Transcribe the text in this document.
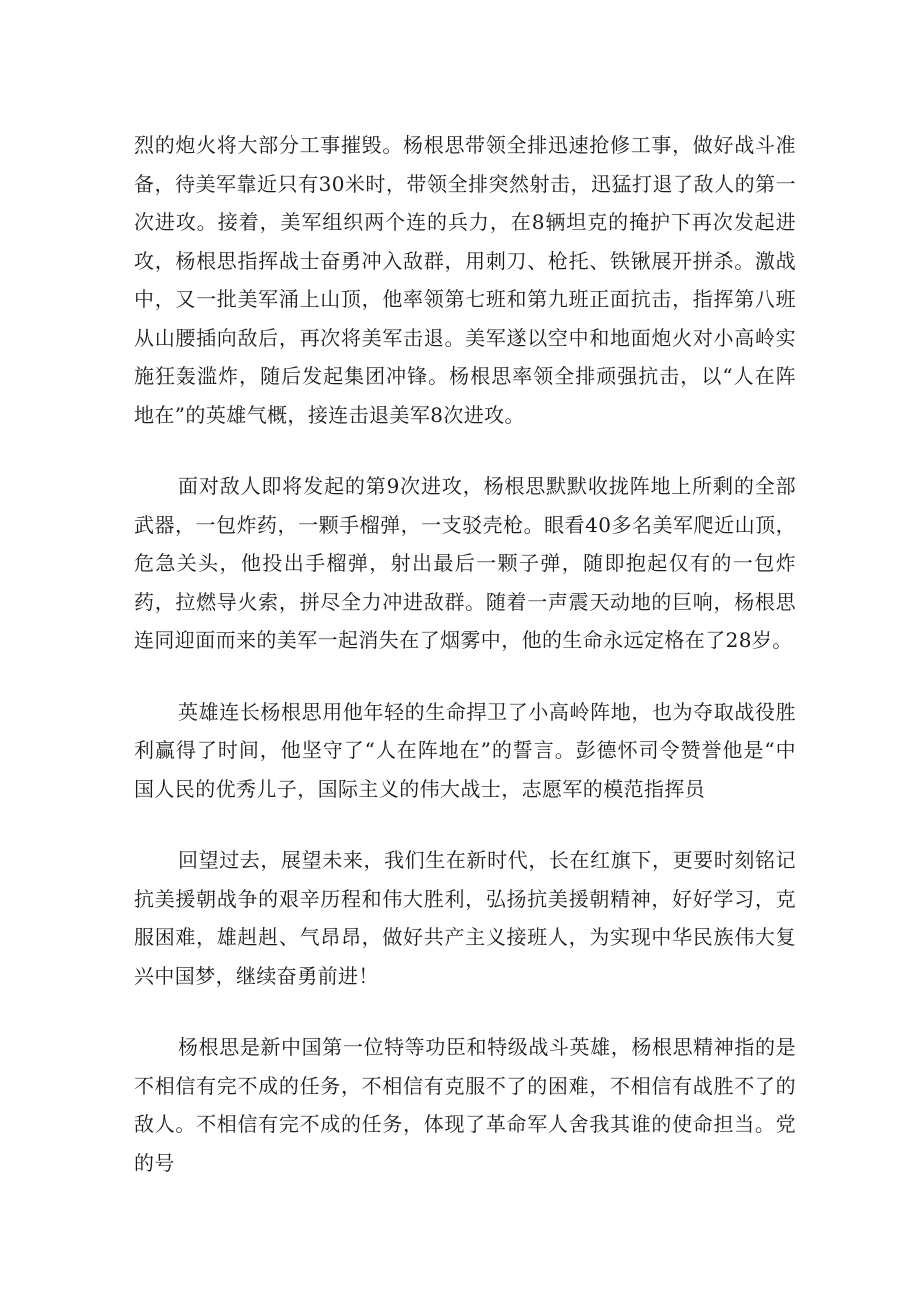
烈的炮火将大部分工事摧毁。杨根思带领全排迅速抢修工事，做好战斗准备，待美军靠近只有30米时，带领全排突然射击，迅猛打退了敌人的第一次进攻。接着，美军组织两个连的兵力，在8辆坦克的掩护下再次发起进攻，杨根思指挥战士奋勇冲入敌群，用刺刀、枪托、铁锹展开拼杀。激战中，又一批美军涌上山顶，他率领第七班和第九班正面抗击，指挥第八班从山腰插向敌后，再次将美军击退。美军遂以空中和地面炮火对小高岭实施狂轰滥炸，随后发起集团冲锋。杨根思率领全排顽强抗击，以“人在阵地在”的英雄气概，接连击退美军8次进攻。

面对敌人即将发起的第9次进攻，杨根思默默收拢阵地上所剩的全部武器，一包炸药，一颗手榴弹，一支驳壳枪。眼看40多名美军爬近山顶，危急关头，他投出手榴弹，射出最后一颗子弹，随即抱起仅有的一包炸药，拉燃导火索，拼尽全力冲进敌群。随着一声震天动地的巨响，杨根思连同迎面而来的美军一起消失在了烟雾中，他的生命永远定格在了28岁。

英雄连长杨根思用他年轻的生命捍卫了小高岭阵地，也为夺取战役胜利赢得了时间，他坚守了“人在阵地在”的誓言。彭德怀司令赞誉他是“中国人民的优秀儿子，国际主义的伟大战士，志愿军的模范指挥员

回望过去，展望未来，我们生在新时代，长在红旗下，更要时刻铭记抗美援朝战争的艰辛历程和伟大胜利，弘扬抗美援朝精神，好好学习，克服困难，雄赳赳、气昂昂，做好共产主义接班人，为实现中华民族伟大复兴中国梦，继续奋勇前进！

杨根思是新中国第一位特等功臣和特级战斗英雄，杨根思精神指的是不相信有完不成的任务，不相信有克服不了的困难，不相信有战胜不了的敌人。不相信有完不成的任务，体现了革命军人舍我其谁的使命担当。党的号
